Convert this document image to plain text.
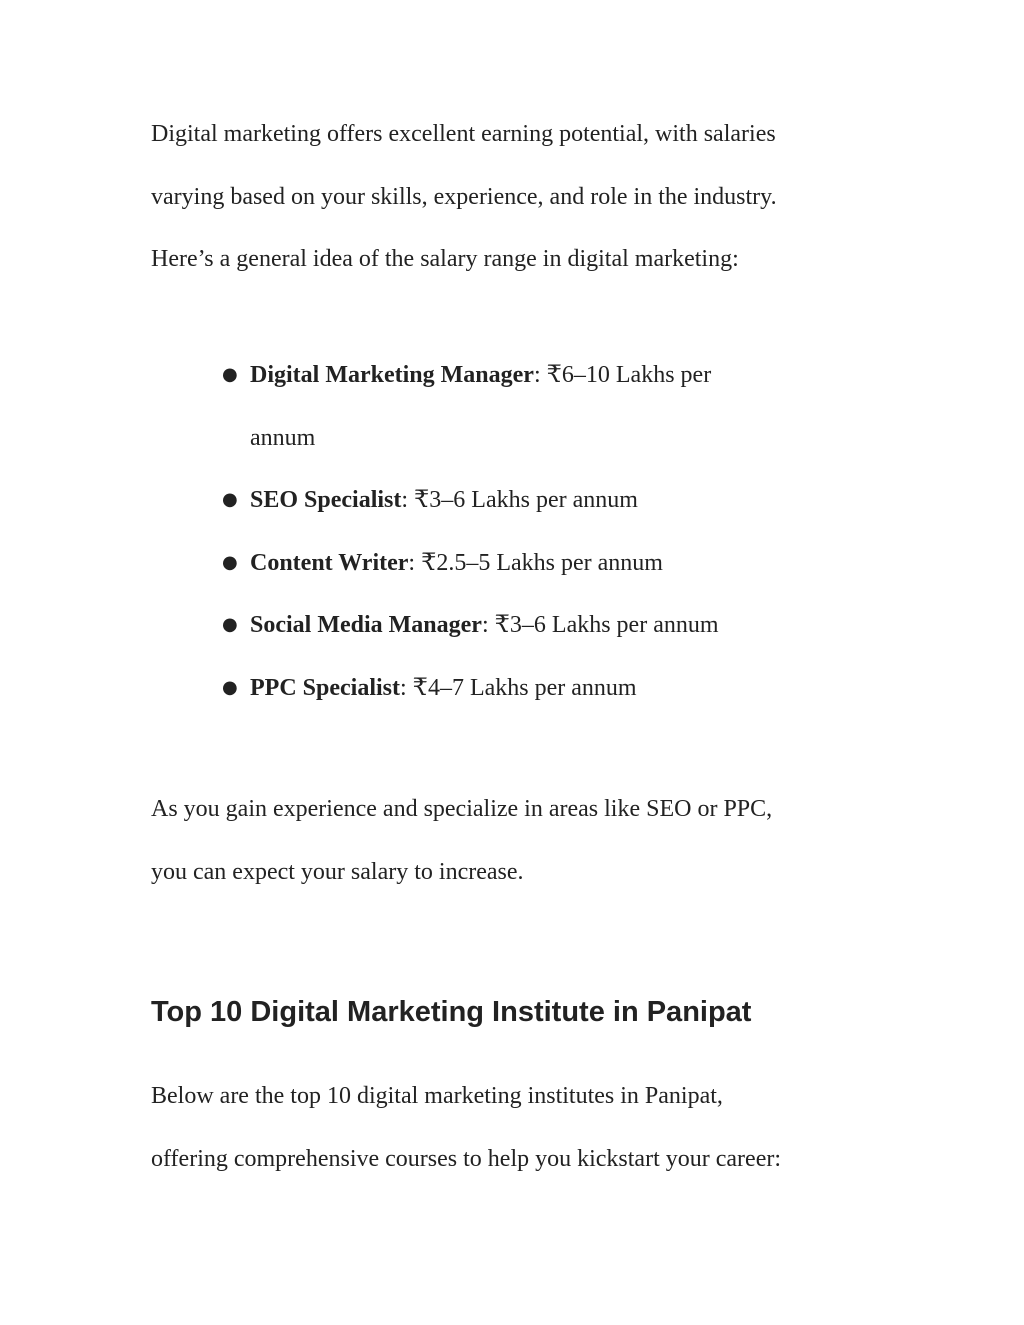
Digital marketing offers excellent earning potential, with salaries
varying based on your skills, experience, and role in the industry.
Here’s a general idea of the salary range in digital marketing:

● Digital Marketing Manager: ₹6–10 Lakhs per
annum
● SEO Specialist: ₹3–6 Lakhs per annum
● Content Writer: ₹2.5–5 Lakhs per annum
● Social Media Manager: ₹3–6 Lakhs per annum
● PPC Specialist: ₹4–7 Lakhs per annum

As you gain experience and specialize in areas like SEO or PPC,
you can expect your salary to increase.

Top 10 Digital Marketing Institute in Panipat

Below are the top 10 digital marketing institutes in Panipat,
offering comprehensive courses to help you kickstart your career:
